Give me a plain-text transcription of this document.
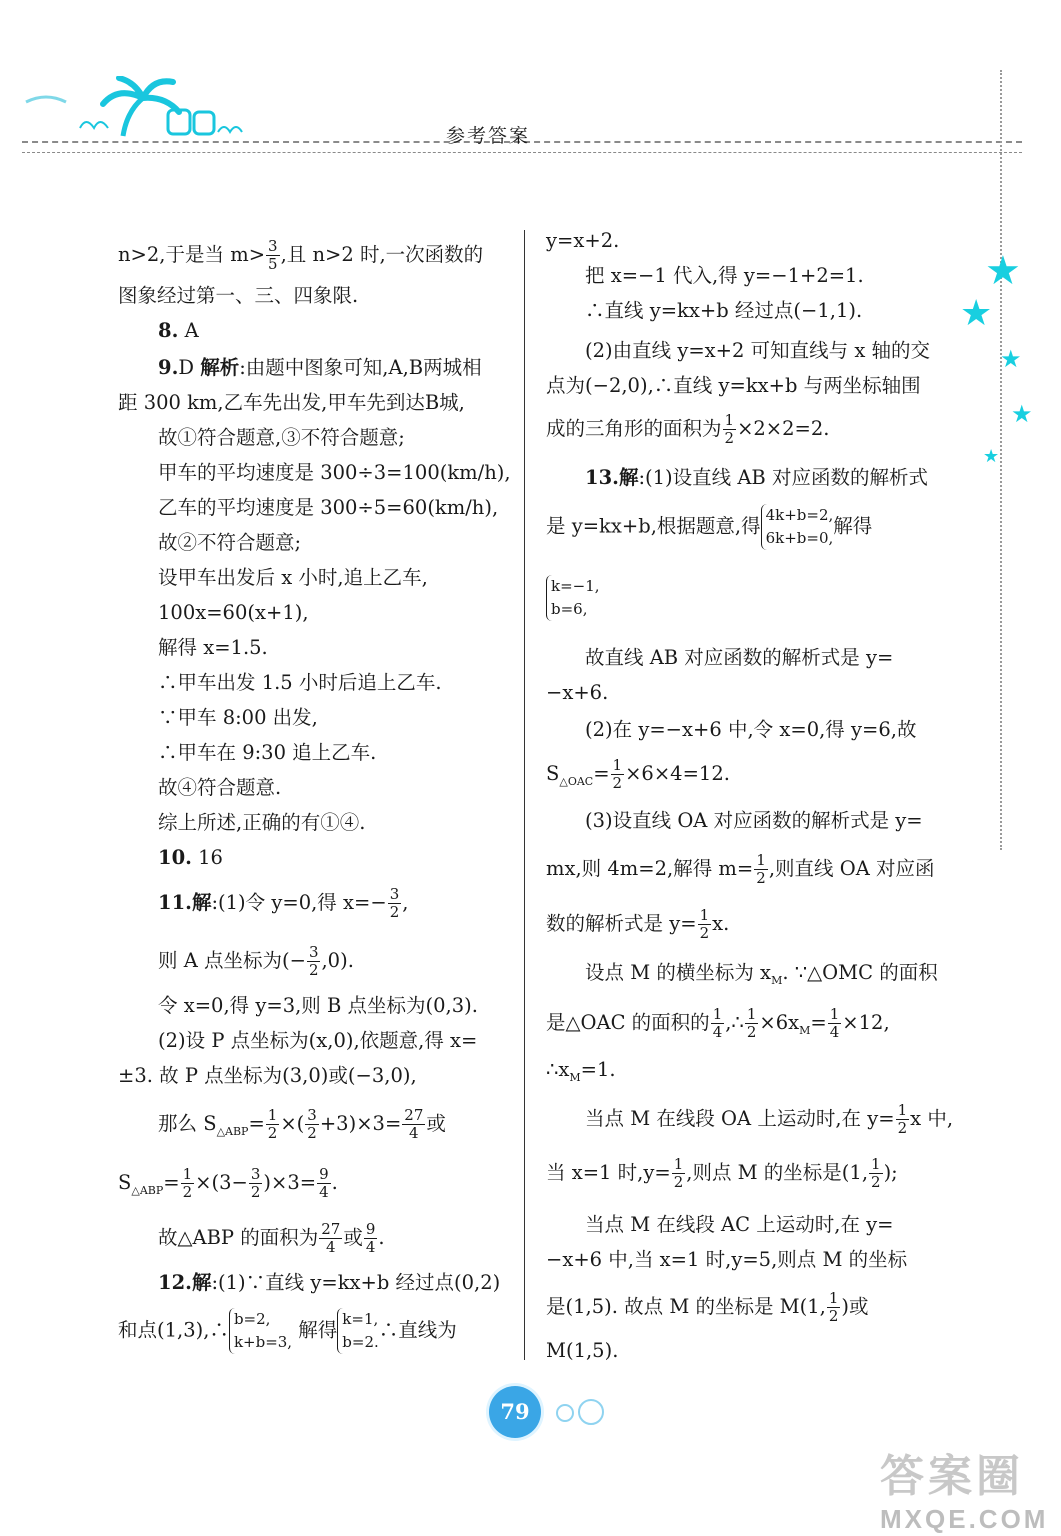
参考答案
★
★
★
★
★
n>2,于是当 $m> \frac{3}{5}$ ,且 n>2 时,一次函数的
图象经过第一、三、四象限.
8. A
9.D 解析:由题中图象可知,A,B两城相
距 300 km,乙车先出发,甲车先到达B城,
故①符合题意,③不符合题意;
甲车的平均速度是 300÷3=100(km/h),
乙车的平均速度是 300÷5=60(km/h),
故②不符合题意;
设甲车出发后 x 小时,追上乙车,
100x=60(x+1),
解得 x=1.5.
∴甲车出发 1.5 小时后追上乙车.
∵甲车 8:00 出发,
∴甲车在 9:30 追上乙车.
故④符合题意.
综上所述,正确的有①④.
10. 16
11.解:(1)令 y=0,得 $x=- \frac{3}{2}$ ,
则 A 点坐标为(− $\frac{3}{2} ,0$).
令 x=0,得 y=3,则 B 点坐标为(0,3).
(2)设 P 点坐标为(x,0),依题意,得 x=
±3. 故 P 点坐标为(3,0)或(−3,0),
那么 $S_{\triangle ABP}= \frac{1}{2}$ ×( $\frac{3}{2} +3)\times 3= \frac{27}{4}$ 或
$S_{\triangle ABP}= \frac{1}{2} \times(3- \frac{3}{2} )\times 3= \frac{9}{4}$ .
故△ABP 的面积为 $\frac{27}{4}$ 或 $\frac{9}{4}$ .
12.解:(1)∵直线 y=kx+b 经过点(0,2)
和点(1,3),∴ b=2,
k+b=3,
解得 k=1,
b=2.
∴直线为
y=x+2.
把 x=−1 代入,得 y=−1+2=1.
∴直线 y=kx+b 经过点(−1,1).
(2)由直线 y=x+2 可知直线与 x 轴的交
点为(−2,0),∴直线 y=kx+b 与两坐标轴围
成的三角形的面积为 $\frac{1}{2} \times 2\times 2=2$.
13.解:(1)设直线 AB 对应函数的解析式
是 y=kx+b,根据题意,得 4k+b=2,
6k+b=0,
解得
k=−1,
b=6,
故直线 AB 对应函数的解析式是 y=
−x+6.
(2)在 y=−x+6 中,令 x=0,得 y=6,故
$S_{\triangle OAC}= \frac{1}{2} \times 6\times 4=12$.
(3)设直线 OA 对应函数的解析式是 y=
mx,则 4m=2,解得 $m= \frac{1}{2}$ ,则直线 OA 对应函
数的解析式是 $y= \frac{1}{2} x$.
设点 M 的横坐标为 $x_M$. ∵△OMC 的面积
是△OAC 的面积的 $\frac{1}{4}$ ,∴ $\frac{1}{2} \times 6x_M= \frac{1}{4} \times 12$,
$\therefore x_M=1$.
当点 M 在线段 OA 上运动时,在 $y= \frac{1}{2}$ x 中,
当 x=1 时$,y= \frac{1}{2}$ ,则点 M 的坐标是(1, $\frac{1}{2}$ );
当点 M 在线段 AC 上运动时,在 y=
−x+6 中,当 x=1 时,y=5,则点 M 的坐标
是(1,5). 故点 M 的坐标是 M(1, $\frac{1}{2}$ )或
M(1,5).
79
答案圈
MXQE.COM
